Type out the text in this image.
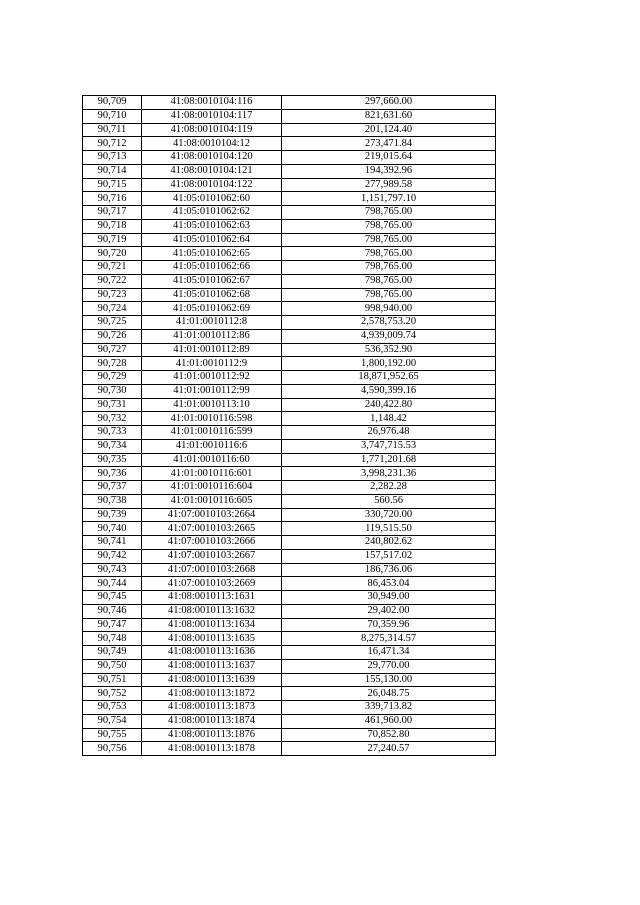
90,709	41:08:0010104:116	297,660.00
90,710	41:08:0010104:117	821,631.60
90,711	41:08:0010104:119	201,124.40
90,712	41:08:0010104:12	273,471.84
90,713	41:08:0010104:120	219,015.64
90,714	41:08:0010104:121	194,392.96
90,715	41:08:0010104:122	277,989.58
90,716	41:05:0101062:60	1,151,797.10
90,717	41:05:0101062:62	798,765.00
90,718	41:05:0101062:63	798,765.00
90,719	41:05:0101062:64	798,765.00
90,720	41:05:0101062:65	798,765.00
90,721	41:05:0101062:66	798,765.00
90,722	41:05:0101062:67	798,765.00
90,723	41:05:0101062:68	798,765.00
90,724	41:05:0101062:69	998,940.00
90,725	41:01:0010112:8	2,578,753.20
90,726	41:01:0010112:86	4,939,009.74
90,727	41:01:0010112:89	536,352.90
90,728	41:01:0010112:9	1,800,192.00
90,729	41:01:0010112:92	18,871,952.65
90,730	41:01:0010112:99	4,590,399.16
90,731	41:01:0010113:10	240,422.80
90,732	41:01:0010116:598	1,148.42
90,733	41:01:0010116:599	26,976.48
90,734	41:01:0010116:6	3,747,715.53
90,735	41:01:0010116:60	1,771,201.68
90,736	41:01:0010116:601	3,998,231.36
90,737	41:01:0010116:604	2,282.28
90,738	41:01:0010116:605	560.56
90,739	41:07:0010103:2664	330,720.00
90,740	41:07:0010103:2665	119,515.50
90,741	41:07:0010103:2666	240,802.62
90,742	41:07:0010103:2667	157,517.02
90,743	41:07:0010103:2668	186,736.06
90,744	41:07:0010103:2669	86,453.04
90,745	41:08:0010113:1631	30,949.00
90,746	41:08:0010113:1632	29,402.00
90,747	41:08:0010113:1634	70,359.96
90,748	41:08:0010113:1635	8,275,314.57
90,749	41:08:0010113:1636	16,471.34
90,750	41:08:0010113:1637	29,770.00
90,751	41:08:0010113:1639	155,130.00
90,752	41:08:0010113:1872	26,048.75
90,753	41:08:0010113:1873	339,713.82
90,754	41:08:0010113:1874	461,960.00
90,755	41:08:0010113:1876	70,852.80
90,756	41:08:0010113:1878	27,240.57
